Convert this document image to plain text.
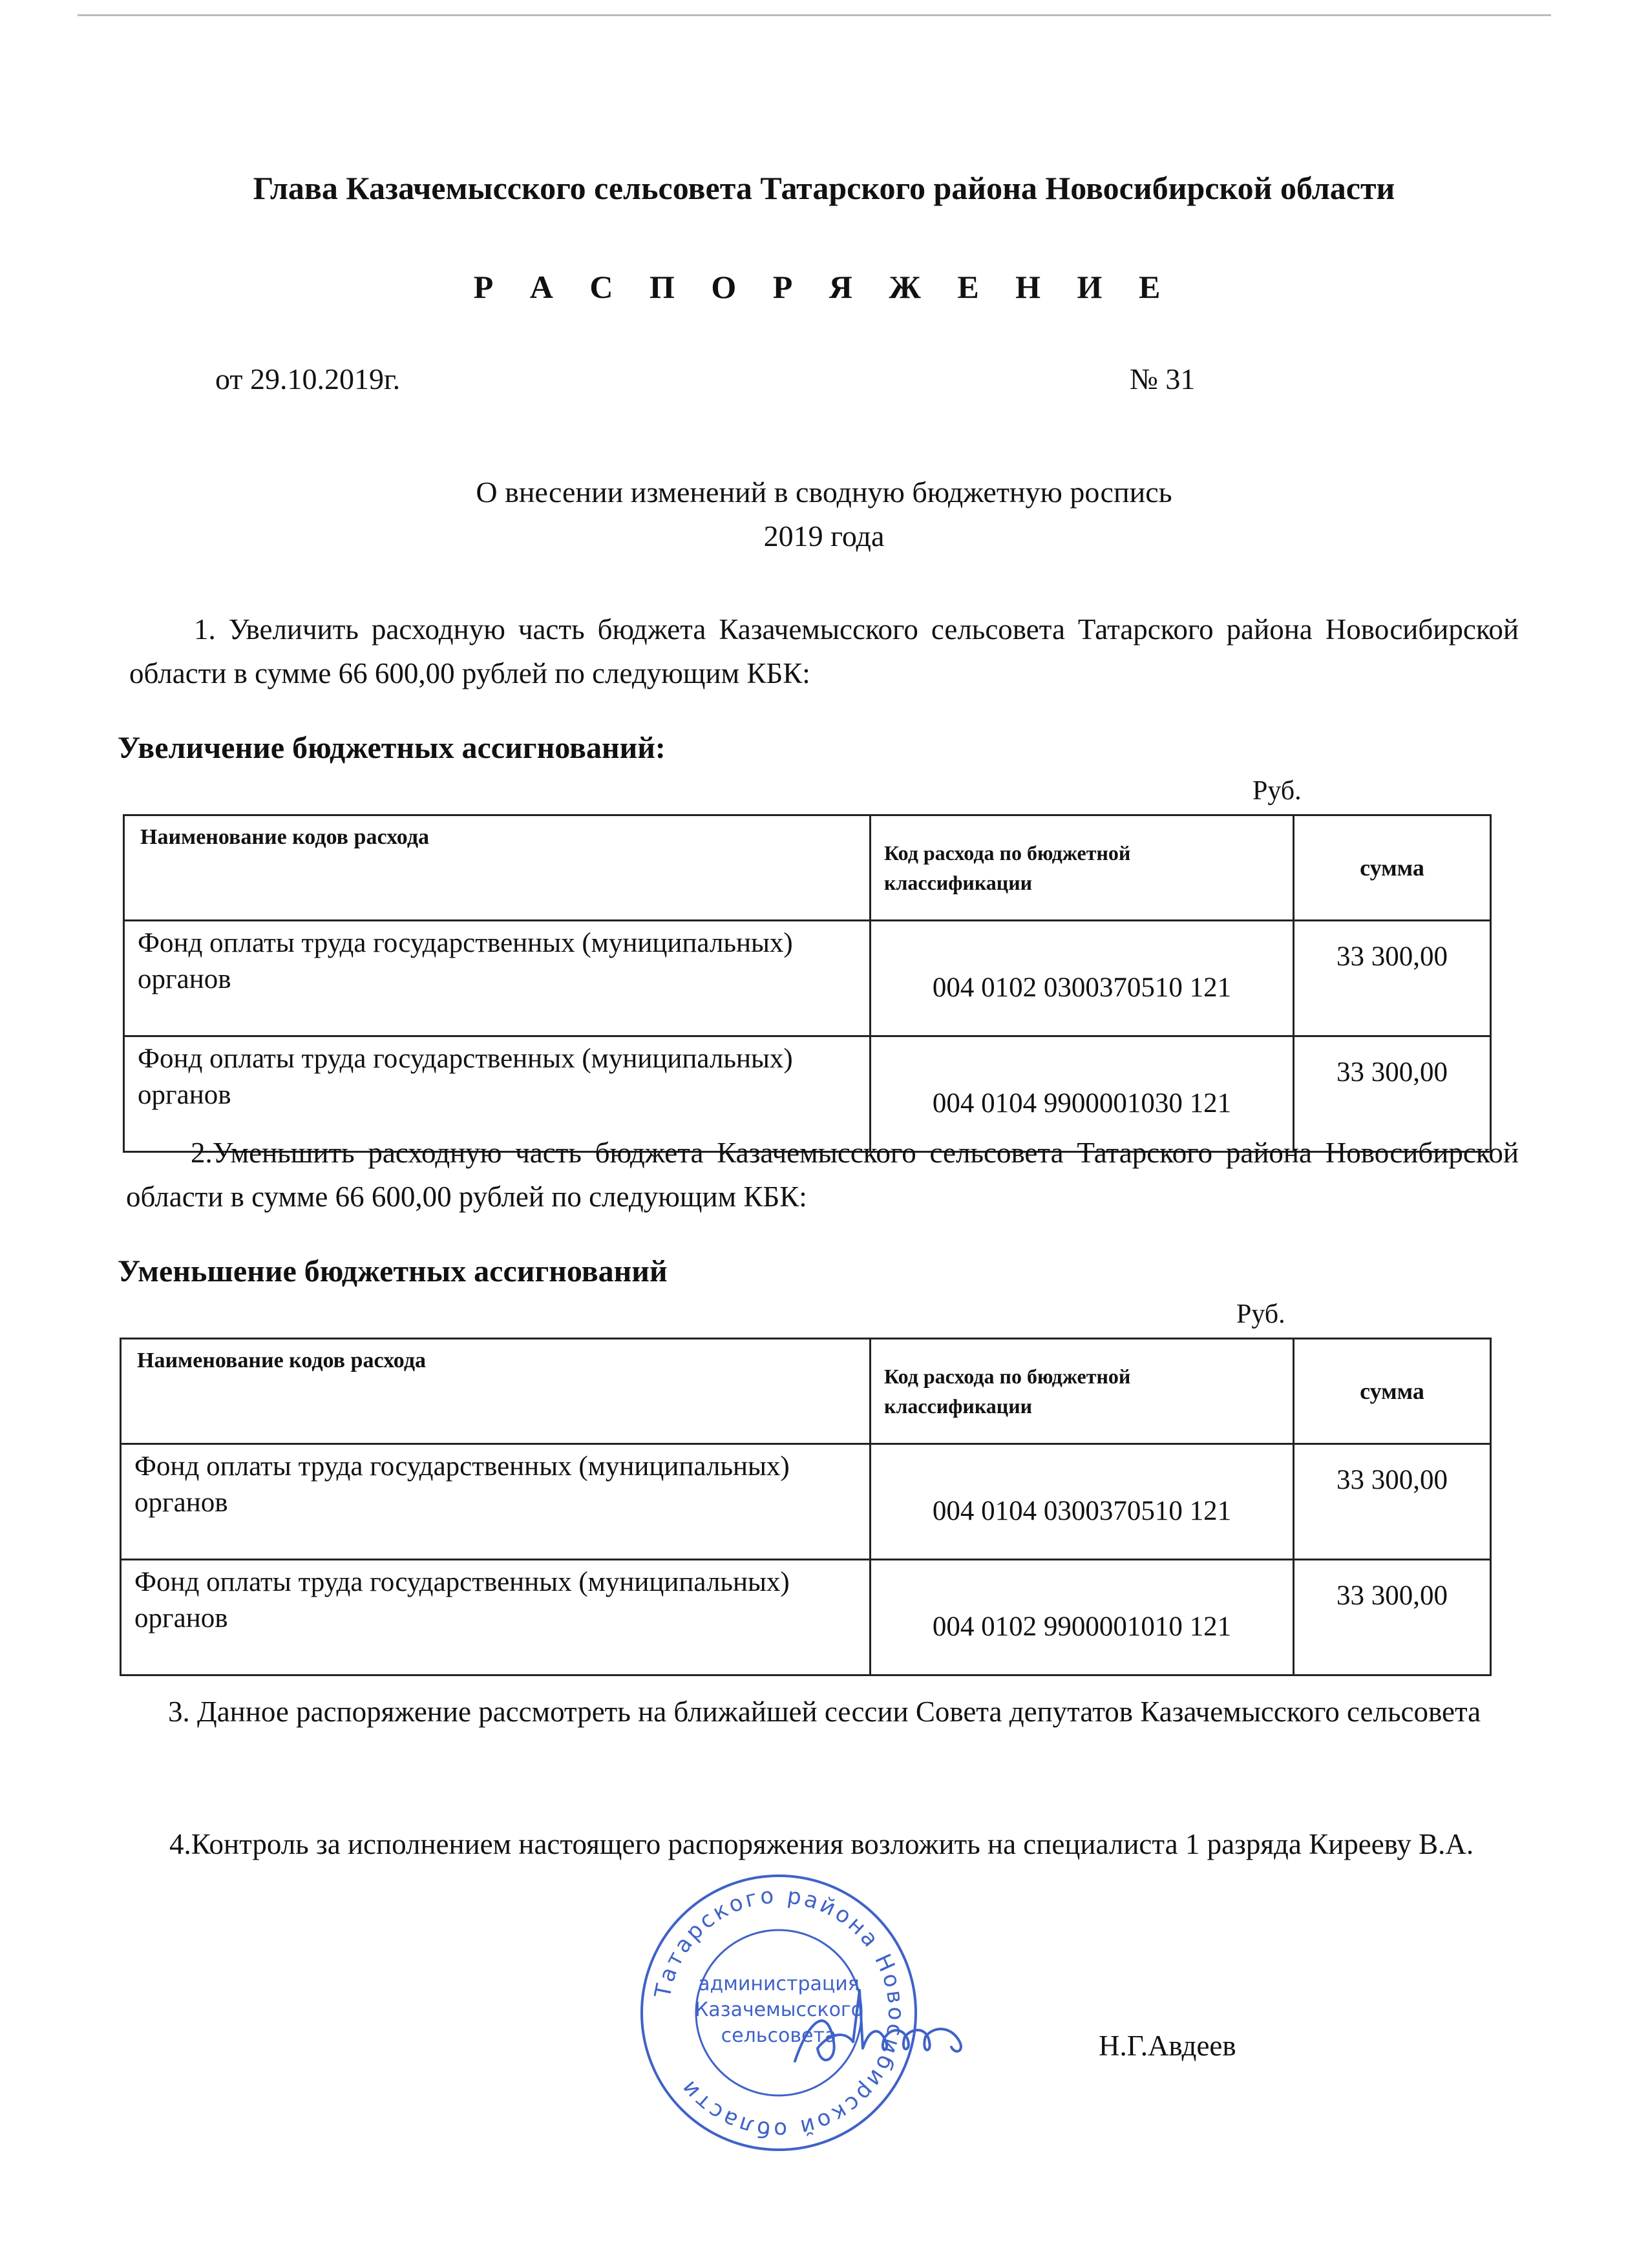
Глава Казачемысского сельсовета Татарского района Новосибирской области
Р А С П О Р Я Ж Е Н И Е
от 29.10.2019г.	№ 31
О внесении изменений в сводную бюджетную роспись
2019 года
1. Увеличить расходную часть бюджета Казачемысского сельсовета Татарского района Новосибирской области в сумме 66 600,00 рублей по следующим КБК:
Увеличение бюджетных ассигнований:
Руб.
Наименование кодов расхода	Код расхода по бюджетной классификации	сумма
Фонд оплаты труда государственных (муниципальных) органов	004 0102 0300370510 121	33 300,00
Фонд оплаты труда государственных (муниципальных) органов	004 0104 9900001030 121	33 300,00
2.Уменьшить расходную часть бюджета Казачемысского сельсовета Татарского района Новосибирской области в сумме 66 600,00 рублей по следующим КБК:
Уменьшение бюджетных ассигнований
Руб.
Наименование кодов расхода	Код расхода по бюджетной классификации	сумма
Фонд оплаты труда государственных (муниципальных) органов	004 0104 0300370510 121	33 300,00
Фонд оплаты труда государственных (муниципальных) органов	004 0102 9900001010 121	33 300,00
3. Данное распоряжение рассмотреть на ближайшей сессии Совета депутатов Казачемысского сельсовета
4.Контроль за исполнением настоящего распоряжения возложить на специалиста 1 разряда Кирееву В.А.
Татарского района Новосибирской области
администрация
Казачемысского
сельсовета	Н.Г.Авдеев
